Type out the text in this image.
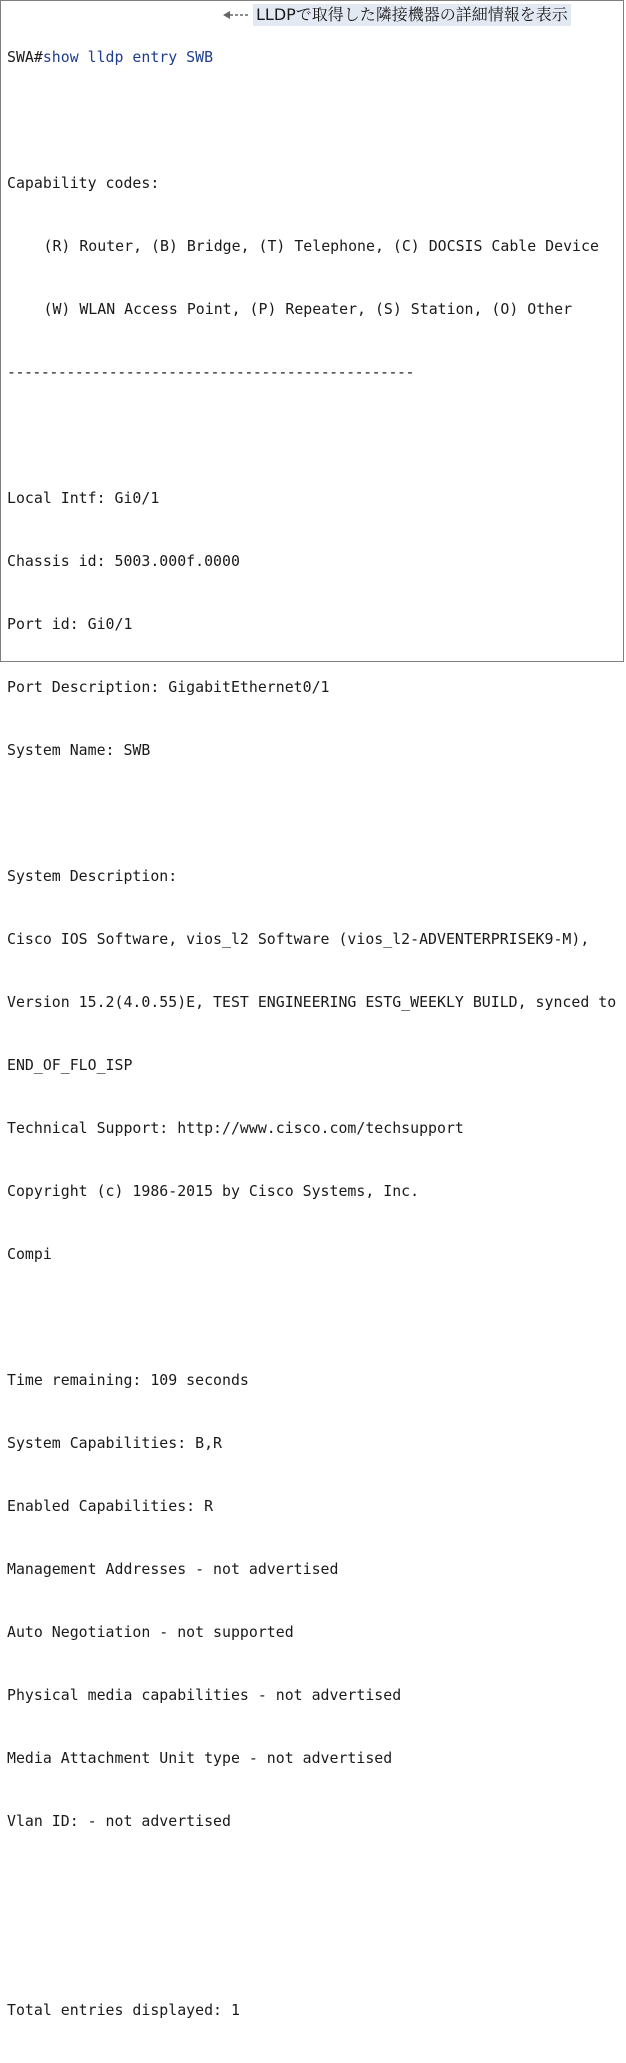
SWA#show lldp entry SWB

Capability codes:

(R) Router, (B) Bridge, (T) Telephone, (C) DOCSIS Cable Device

(W) WLAN Access Point, (P) Repeater, (S) Station, (O) Other

------------------------------------------------

Local Intf: Gi0/1

Chassis id: 5003.000f.0000

Port id: Gi0/1

Port Description: GigabitEthernet0/1

System Name: SWB

System Description:

Cisco IOS Software, vios_l2 Software (vios_l2-ADVENTERPRISEK9-M),

Version 15.2(4.0.55)E, TEST ENGINEERING ESTG_WEEKLY BUILD, synced to

END_OF_FLO_ISP

Technical Support: http://www.cisco.com/techsupport

Copyright (c) 1986-2015 by Cisco Systems, Inc.

Compi

Time remaining: 109 seconds

System Capabilities: B,R

Enabled Capabilities: R

Management Addresses - not advertised

Auto Negotiation - not supported

Physical media capabilities - not advertised

Media Attachment Unit type - not advertised

Vlan ID: - not advertised

Total entries displayed: 1

LLDPで取得した隣接機器の詳細情報を表示
